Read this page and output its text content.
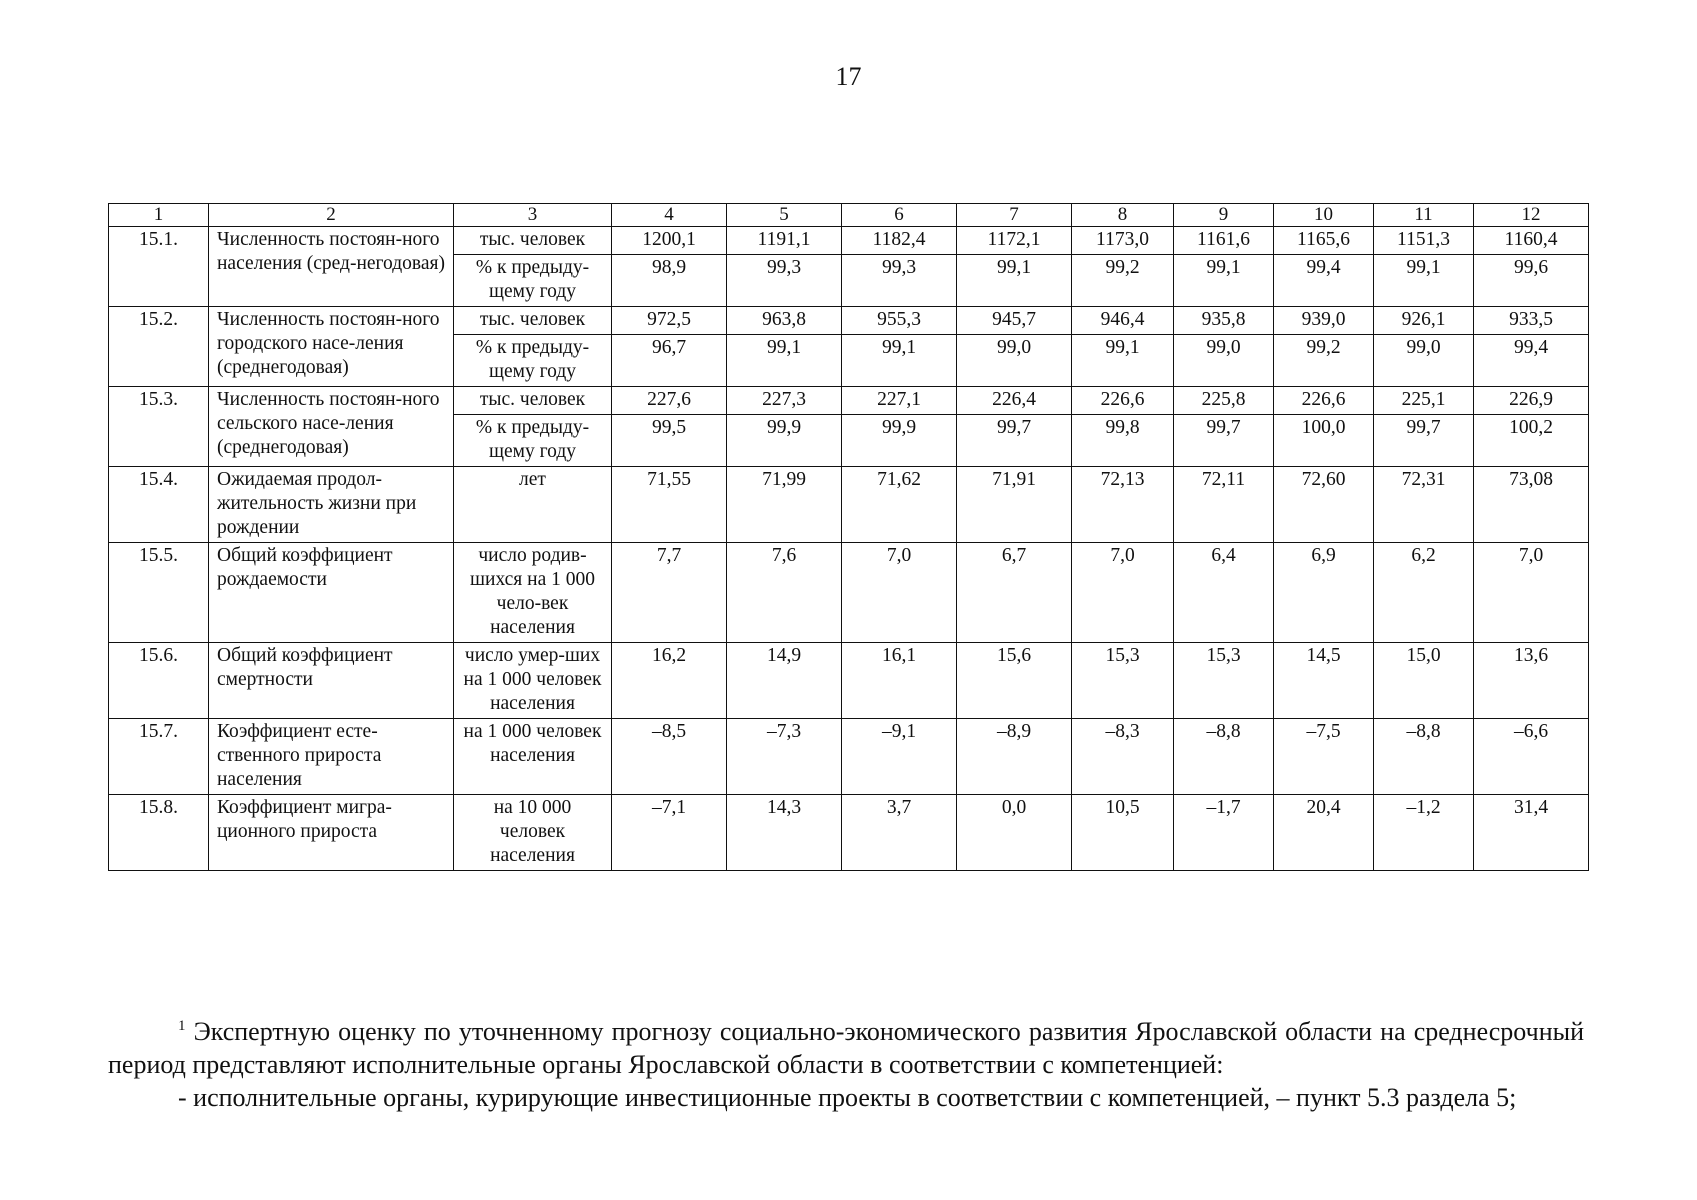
17
1	2	3	4	5	6	7	8	9	10	11	12
15.1.	Численность постоян-ного населения (сред-негодовая)	тыс. человек	1200,1	1191,1	1182,4	1172,1	1173,0	1161,6	1165,6	1151,3	1160,4
		% к предыду-щему году	98,9	99,3	99,3	99,1	99,2	99,1	99,4	99,1	99,6
15.2.	Численность постоян-ного городского насе-ления (среднегодовая)	тыс. человек	972,5	963,8	955,3	945,7	946,4	935,8	939,0	926,1	933,5
		% к предыду-щему году	96,7	99,1	99,1	99,0	99,1	99,0	99,2	99,0	99,4
15.3.	Численность постоян-ного сельского насе-ления (среднегодовая)	тыс. человек	227,6	227,3	227,1	226,4	226,6	225,8	226,6	225,1	226,9
		% к предыду-щему году	99,5	99,9	99,9	99,7	99,8	99,7	100,0	99,7	100,2
15.4.	Ожидаемая продол-жительность жизни при рождении	лет	71,55	71,99	71,62	71,91	72,13	72,11	72,60	72,31	73,08
15.5.	Общий коэффициент рождаемости	число родив-шихся на 1 000 чело-век населения	7,7	7,6	7,0	6,7	7,0	6,4	6,9	6,2	7,0
15.6.	Общий коэффициент смертности	число умер-ших на 1 000 человек населения	16,2	14,9	16,1	15,6	15,3	15,3	14,5	15,0	13,6
15.7.	Коэффициент есте-ственного прироста населения	на 1 000 человек населения	–8,5	–7,3	–9,1	–8,9	–8,3	–8,8	–7,5	–8,8	–6,6
15.8.	Коэффициент мигра-ционного прироста	на 10 000 человек населения	–7,1	14,3	3,7	0,0	10,5	–1,7	20,4	–1,2	31,4

$^1$ Экспертную оценку по уточненному прогнозу социально-экономического развития Ярославской области на среднесрочный период представляют исполнительные органы Ярославской области в соответствии с компетенцией:

- исполнительные органы, курирующие инвестиционные проекты в соответствии с компетенцией, – пункт 5.3 раздела 5;
